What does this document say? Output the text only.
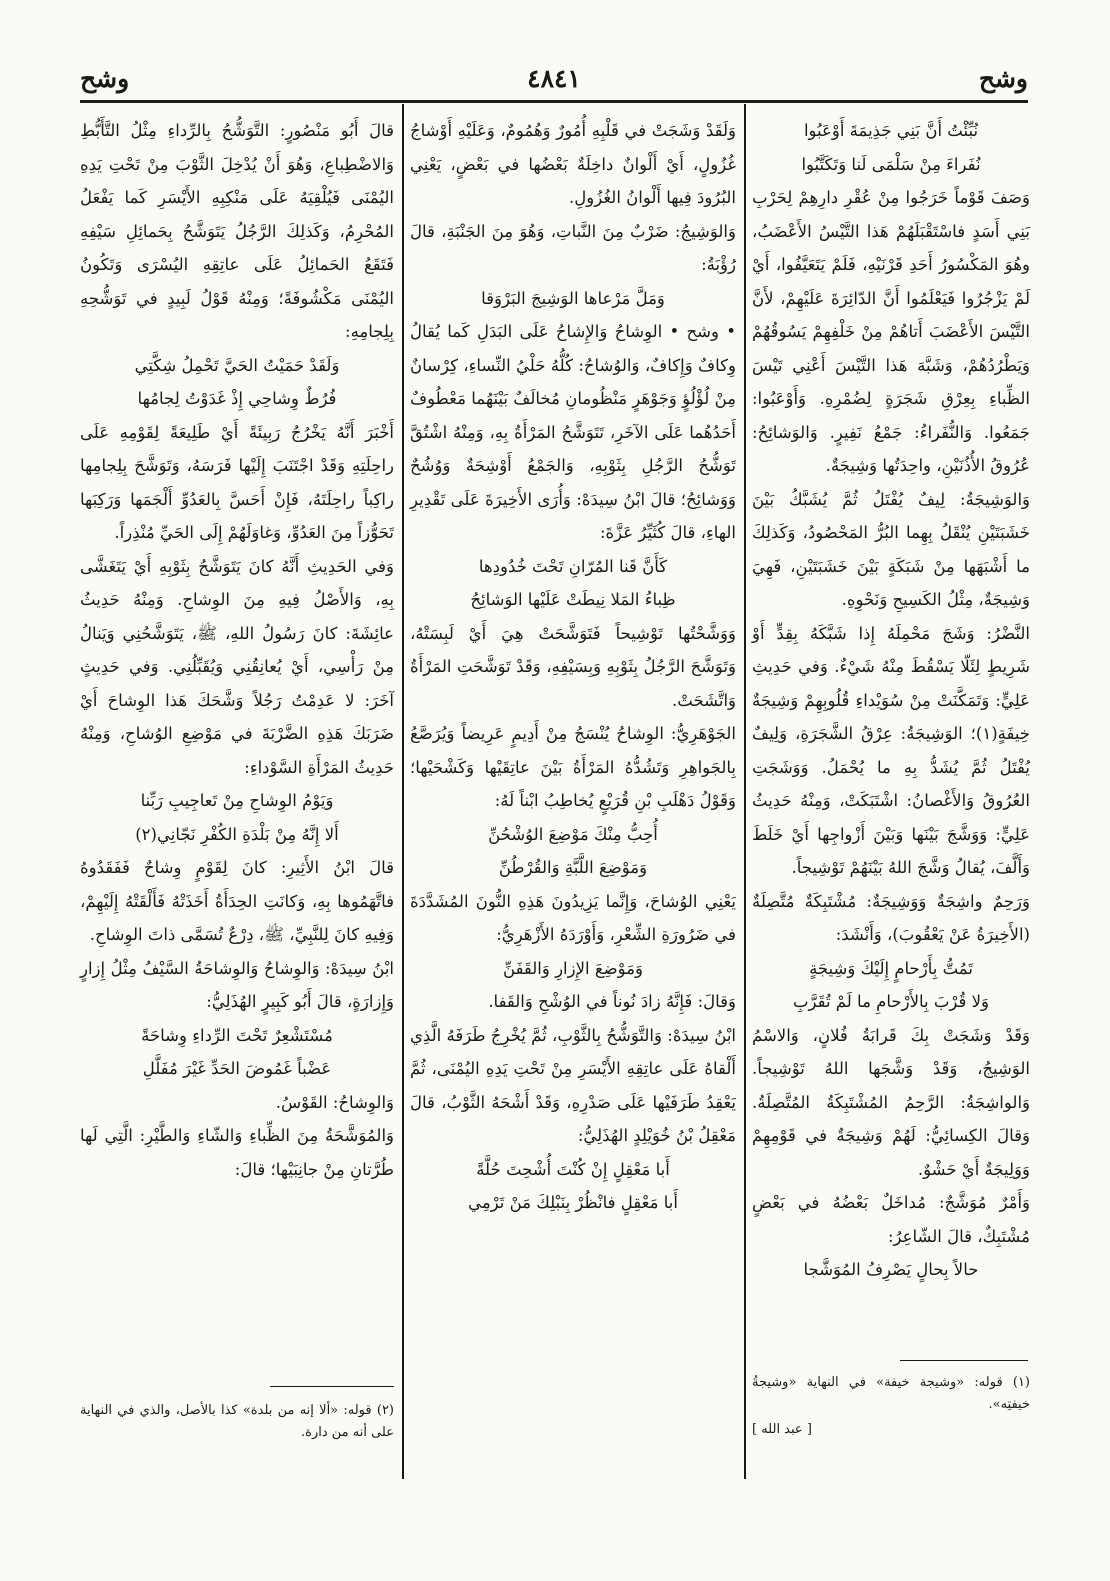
وشح
٤٨٤١
وشح

نُبِّئْتُ أَنَّ بَنِي جَذِيمَةَ أَوْعَبُوا

نُفَراءَ مِنْ سَلْمَى لَنا وَتَكَتَّبُوا

وَصَفَ قَوْماً خَرَجُوا مِنْ عُقْرِ دارِهِمْ لِحَرْبِ بَنِي أَسَدٍ فاسْتَقْبَلَهُمْ هَذا التَّيْسُ الأَعْضَبُ، وهُوَ المَكْسُورُ أَحَدِ قَرْنَيْهِ، فَلَمْ يَتَعَيَّفُوا، أَيْ لَمْ يَزْجُرُوا فَيَعْلَمُوا أَنَّ الدّائِرَةَ عَلَيْهِمْ، لأَنَّ التَّيْسَ الأَعْضَبَ أَتاهُمْ مِنْ خَلْفِهِمْ يَسُوقُهُمْ وَيَطْرُدُهُمْ، وَشَبَّهَ هَذا التَّيْسَ أَعْنِي تَيْسَ الظِّباءِ بِعِرْقِ شَجَرَةٍ لِضُمْرِهِ. وَأَوْعَبُوا: جَمَعُوا. وَالنُّفَراءُ: جَمْعُ نَفِيرٍ. وَالوَشائِحُ: عُرُوقُ الأُذُنَيْنِ، واحِدَتُها وَشِيجَةٌ.

وَالوَشِيجَةُ: لِيفٌ يُفْتَلُ ثُمَّ يُشَبَّكُ بَيْنَ خَشَبَتَيْنِ يُنْقَلُ بِهِما البُرُّ المَحْصُودُ، وَكَذلِكَ ما أَشْبَهَها مِنْ شَبَكَةٍ بَيْنَ خَشَبَتَيْنِ، فَهِيَ وَشِيجَةٌ، مِثْلُ الكَسِيحِ وَنَحْوِهِ.

النَّضْرُ: وَشَجَ مَحْمِلَهُ إِذا شَبَّكَهُ بِقِدٍّ أَوْ شَرِيطٍ لِئَلّا يَسْقُطَ مِنْهُ شَيْءٌ. وَفي حَدِيثِ عَلِيٍّ: وَتَمَكَّنَتْ مِنْ سُوَيْداءِ قُلُوبِهِمْ وَشِيجَةٌ خِيفَةٍ(١)؛ الوَشِيجَةُ: عِرْقُ الشَّجَرَةِ، وَلِيفٌ يُفْتَلُ ثُمَّ يُشَدُّ بِهِ ما يُحْمَلُ. وَوَشَجَتِ العُرُوقُ وَالأَغْصانُ: اشْتَبَكَتْ، وَمِنْهُ حَدِيثُ عَلِيٍّ: وَوَشَّجَ بَيْنَها وَبَيْنَ أَزْواجِها أَيْ خَلَطَ وَأَلَّفَ، يُقالُ وَشَّجَ اللهُ بَيْنَهُمْ تَوْشِيجاً.

وَرَحِمٌ واشِجَةٌ وَوَشِيجَةٌ: مُشْتَبِكَةٌ مُتَّصِلَةٌ (الأَخِيرَةُ عَنْ يَعْقُوبَ)، وَأَنْشَدَ:

تَمُتُّ بِأَرْحامٍ إِلَيْكَ وَشِيجَةٍ

وَلا قُرْبَ بِالأَرْحامِ ما لَمْ تُقَرَّبِ

وَقَدْ وَشَجَتْ بِكَ قَرابَةُ فُلانٍ، وَالاسْمُ الوَشِيجُ، وَقَدْ وَشَّجَها اللهُ تَوْشِيجاً. وَالواشِجَةُ: الرَّحِمُ المُشْتَبِكَةُ المُتَّصِلَةُ. وَقالَ الكِسائِيُّ: لَهُمْ وَشِيجَةٌ في قَوْمِهِمْ وَوَلِيجَةٌ أَيْ حَشْوٌ.

وَأَمْرٌ مُوَشَّجٌ: مُداخَلٌ بَعْضُهُ في بَعْضٍ مُشْتَبِكٌ، قالَ الشّاعِرُ:

حالاً بِحالٍ يَصْرِفُ المُوَشَّجا

وَلَقَدْ وَشَجَتْ في قَلْبِهِ أُمُورٌ وَهُمُومٌ، وَعَلَيْهِ أَوْشاجُ غُزُولٍ، أَيْ أَلْوانٌ داخِلَةٌ بَعْضُها في بَعْضٍ، يَعْنِي البُرُودَ فِيها أَلْوانُ الغُزُولِ.

وَالوَشِيجُ: ضَرْبٌ مِنَ النَّباتِ، وَهُوَ مِنَ الجَنْبَةِ، قالَ رُؤْبَةُ:

وَمَلَّ مَرْعاها الوَشِيجَ البَرْوَقا

• وشح • الوِشاحُ وَالإِشاحُ عَلَى البَدَلِ كَما يُقالُ وِكافٌ وَإِكافٌ، وَالوُشاحُ: كُلُّهُ حَلْيُ النِّساءِ، كِرْسانٌ مِنْ لُؤْلُؤٍ وَجَوْهَرٍ مَنْظُومانِ مُخالَفٌ بَيْنَهُما مَعْطُوفٌ أَحَدُهُما عَلَى الآخَرِ، تَتَوَشَّحُ المَرْأَةُ بِهِ، وَمِنْهُ اشْتُقَّ تَوَشُّحُ الرَّجُلِ بِثَوْبِهِ، وَالجَمْعُ أَوْشِحَةٌ وَوُشُحٌ وَوَشائِحُ؛ قالَ ابْنُ سِيدَهْ: وَأُرَى الأَخِيرَةَ عَلَى تَقْدِيرِ الهاءِ، قالَ كُثَيِّرُ عَزَّةَ:

كَأَنَّ قَنا المُرّانِ تَحْتَ خُدُودِها

ظِباءُ المَلا نِيطَتْ عَلَيْها الوَشائِحُ

وَوَشَّحْتُها تَوْشِيحاً فَتَوَشَّحَتْ هِيَ أَيْ لَبِسَتْهُ، وَتَوَشَّحَ الرَّجُلُ بِثَوْبِهِ وَبِسَيْفِهِ، وَقَدْ تَوَشَّحَتِ المَرْأَةُ وَاتَّشَحَتْ.

الجَوْهَرِيُّ: الوِشاحُ يُنْسَجُ مِنْ أَدِيمٍ عَرِيضاً وَيُرَصَّعُ بِالجَواهِرِ وَتَشُدُّهُ المَرْأَةُ بَيْنَ عاتِقَيْها وَكَشْحَيْها؛ وَقَوْلُ دَهْلَبِ بْنِ قُرَيْعٍ يُخاطِبُ ابْناً لَهُ:

أُحِبُّ مِنْكَ مَوْضِعَ الوُشْحُنِّ

وَمَوْضِعَ اللَّبَّةِ وَالقُرْطُنِّ

يَعْنِي الوُشاحَ، وَإِنَّما يَزِيدُونَ هَذِهِ النُّونَ المُشَدَّدَةَ في ضَرُورَةِ الشِّعْرِ، وَأَوْرَدَهُ الأَزْهَرِيُّ:

وَمَوْضِعَ الإِزارِ وَالقَفَنِّ

وَقالَ: فَإِنَّهُ زادَ نُوناً في الوُشْحِ وَالقَفا.

ابْنُ سِيدَهْ: وَالتَّوَشُّحُ بِالثَّوْبِ، ثُمَّ يُخْرِجُ طَرَفَهُ الَّذِي أَلْقاهُ عَلَى عاتِقِهِ الأَيْسَرِ مِنْ تَحْتِ يَدِهِ اليُمْنَى، ثُمَّ يَعْقِدُ طَرَفَيْها عَلَى صَدْرِهِ، وَقَدْ أَشْحَهُ الثَّوْبُ، قالَ مَعْقِلُ بْنُ خُوَيْلِدٍ الهُذَلِيُّ:

أَبا مَعْقِلٍ إِنْ كُنْتَ أُشْحِتَ حُلَّةً

أَبا مَعْقِلٍ فانْظُرْ بِنَبْلِكَ مَنْ تَرْمِي

قالَ أَبُو مَنْصُورٍ: التَّوَشُّحُ بِالرِّداءِ مِثْلُ التَّأَبُّطِ وَالاضْطِباعِ، وَهُوَ أَنْ يُدْخِلَ الثَّوْبَ مِنْ تَحْتِ يَدِهِ اليُمْنَى فَيُلْقِيَهُ عَلَى مَنْكِبِهِ الأَيْسَرِ كَما يَفْعَلُ المُحْرِمُ، وَكَذلِكَ الرَّجُلُ يَتَوَشَّحُ بِحَمائِلِ سَيْفِهِ فَتَقَعُ الحَمائِلُ عَلَى عاتِقِهِ اليُسْرَى وَتَكُونُ اليُمْنَى مَكْشُوفَةً؛ وَمِنْهُ قَوْلُ لَبِيدٍ في تَوَشُّحِهِ بِلِجامِهِ:

وَلَقَدْ حَمَيْتُ الحَيَّ تَحْمِلُ شِكَّتِي

فُرُطٌ وِشاحِي إِذْ غَدَوْتُ لِجامُها

أَخْبَرَ أَنَّهُ يَخْرُجُ رَبِيئَةً أَيْ طَلِيعَةً لِقَوْمِهِ عَلَى راحِلَتِهِ وَقَدْ اجْتَنَبَ إِلَيْها فَرَسَهُ، وَتَوَشَّحَ بِلِجامِها راكِباً راحِلَتَهُ، فَإِنْ أَحَسَّ بِالعَدُوِّ أَلْجَمَها وَرَكِبَها تَحَوُّزاً مِنَ العَدُوِّ، وَغاوَلَهُمْ إِلَى الحَيِّ مُنْذِراً.

وَفي الحَدِيثِ أَنَّهُ كانَ يَتَوَشَّحُ بِثَوْبِهِ أَيْ يَتَغَشَّى بِهِ، وَالأَصْلُ فِيهِ مِنَ الوِشاحِ. وَمِنْهُ حَدِيثُ عائِشَةَ: كانَ رَسُولُ اللهِ، ﷺ، يَتَوَشَّحُنِي وَيَنالُ مِنْ رَأْسِي، أَيْ يُعانِقُنِي وَيُقَبِّلُنِي. وَفي حَدِيثٍ آخَرَ: لا عَدِمْتُ رَجُلاً وَشَّحَكَ هَذا الوِشاحَ أَيْ ضَرَبَكَ هَذِهِ الضَّرْبَةَ في مَوْضِعِ الوُشاحِ، وَمِنْهُ حَدِيثُ المَرْأَةِ السَّوْداءِ:

وَيَوْمُ الوِشاحِ مِنْ تَعاجِيبِ رَبِّنا

أَلا إِنَّهُ مِنْ بَلْدَةِ الكُفْرِ نَجّانِي(٢)

قالَ ابْنُ الأَثِيرِ: كانَ لِقَوْمٍ وِشاحٌ فَفَقَدُوهُ فاتَّهَمُوها بِهِ، وَكانَتِ الحِدَأَةُ أَخَذَتْهُ فَأَلْقَتْهُ إِلَيْهِمْ، وَفِيهِ كانَ لِلنَّبِيِّ، ﷺ، دِرْعٌ تُسَمَّى ذاتَ الوِشاحِ.

ابْنُ سِيدَهْ: وَالوِشاحُ وَالوِشاحَةُ السَّيْفُ مِثْلُ إِزارٍ وَإِزارَةٍ، قالَ أَبُو كَبِيرٍ الهُذَلِيُّ:

مُسْتَشْعِرٌ تَحْتَ الرِّداءِ وِشاحَةً

عَضْباً غَمُوضَ الحَدِّ غَيْرَ مُفَلَّلِ

وَالوِشاحُ: القَوْسُ.

وَالمُوَشَّحَةُ مِنَ الظِّباءِ وَالشّاءِ وَالطَّيْرِ: الَّتِي لَها طُرَّتانِ مِنْ جانِبَيْها؛ قالَ:

(١) قوله: «وشيجة خيفة» في النهاية «وشيجةُ خيفتِه».
[ عبد الله ]
(٢) قوله: «ألا إنه من بلدة» كذا بالأصل، والذي في النهاية على أنه من دارة.
